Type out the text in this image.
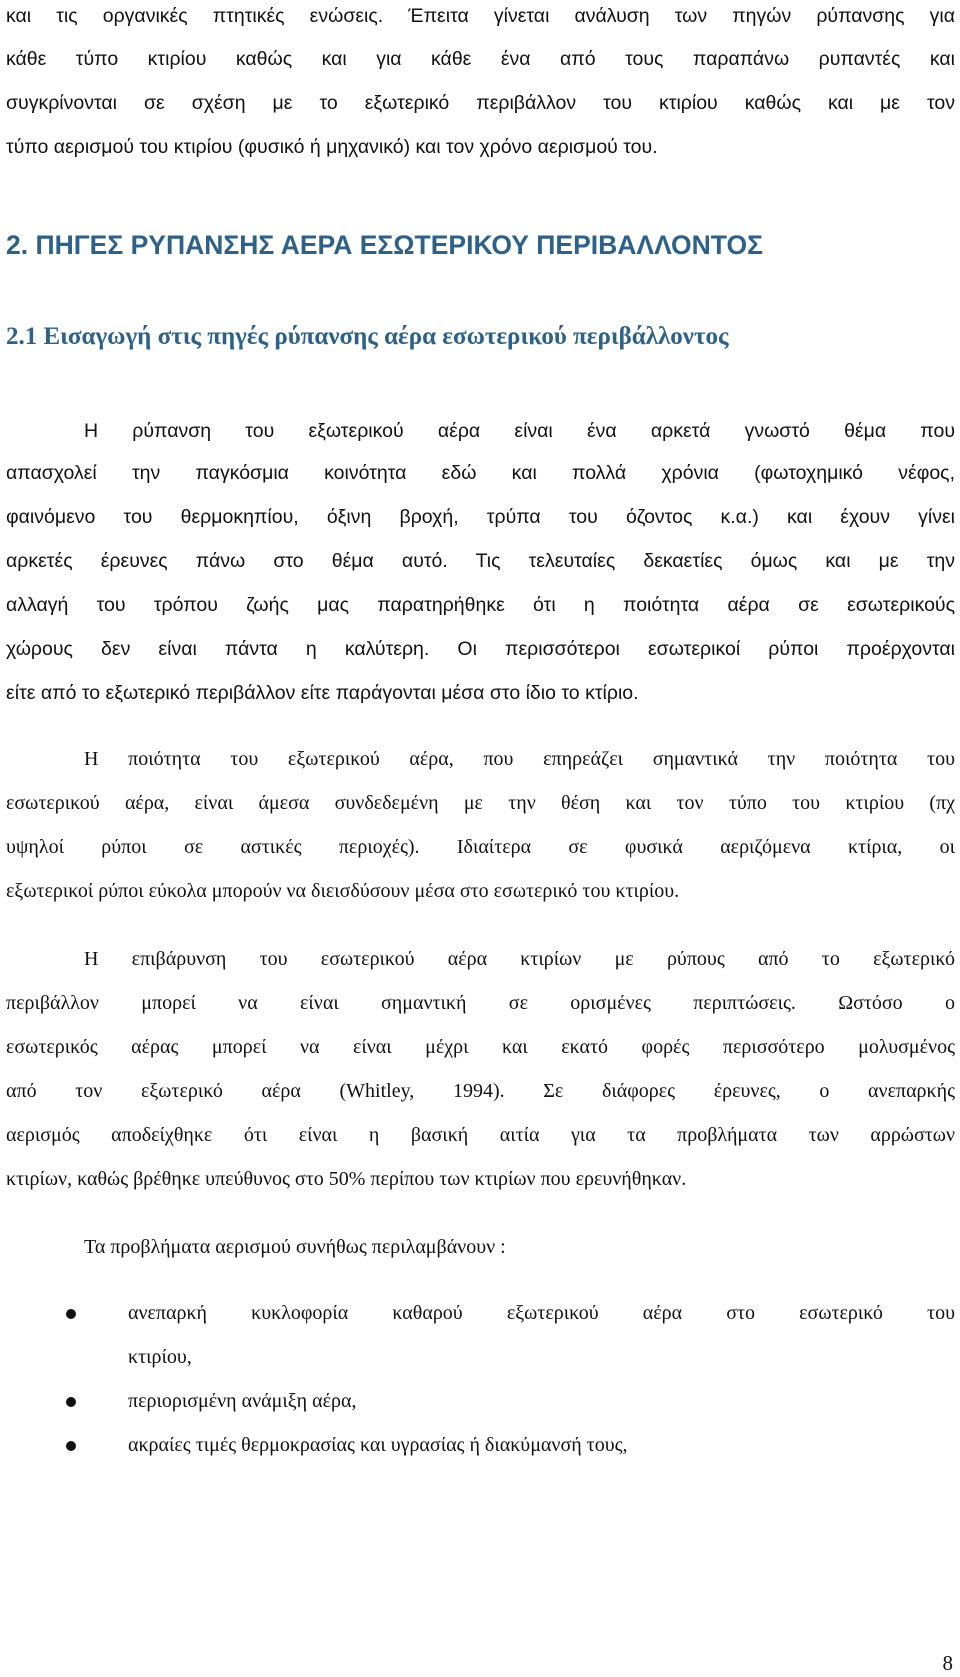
και τις οργανικές πτητικές ενώσεις. Έπειτα γίνεται ανάλυση των πηγών ρύπανσης για
κάθε τύπο κτιρίου καθώς και για κάθε ένα από τους παραπάνω ρυπαντές και
συγκρίνονται σε σχέση με το εξωτερικό περιβάλλον του κτιρίου καθώς και με τον
τύπο αερισμού του κτιρίου (φυσικό ή μηχανικό) και τον χρόνο αερισμού του.
2. ΠΗΓΕΣ ΡΥΠΑΝΣΗΣ ΑΕΡΑ ΕΣΩΤΕΡΙΚΟΥ ΠΕΡΙΒΑΛΛΟΝΤΟΣ
2.1 Εισαγωγή στις πηγές ρύπανσης αέρα εσωτερικού περιβάλλοντος
Η ρύπανση του εξωτερικού αέρα είναι ένα αρκετά γνωστό θέμα που
απασχολεί την παγκόσμια κοινότητα εδώ και πολλά χρόνια (φωτοχημικό νέφος,
φαινόμενο του θερμοκηπίου, όξινη βροχή, τρύπα του όζοντος κ.α.) και έχουν γίνει
αρκετές έρευνες πάνω στο θέμα αυτό. Τις τελευταίες δεκαετίες όμως και με την
αλλαγή του τρόπου ζωής μας παρατηρήθηκε ότι η ποιότητα αέρα σε εσωτερικούς
χώρους δεν είναι πάντα η καλύτερη. Οι περισσότεροι εσωτερικοί ρύποι προέρχονται
είτε από το εξωτερικό περιβάλλον είτε παράγονται μέσα στο ίδιο το κτίριο.
Η ποιότητα του εξωτερικού αέρα, που επηρεάζει σημαντικά την ποιότητα του
εσωτερικού αέρα, είναι άμεσα συνδεδεμένη με την θέση και τον τύπο του κτιρίου (πχ
υψηλοί ρύποι σε αστικές περιοχές). Ιδιαίτερα σε φυσικά αεριζόμενα κτίρια, οι
εξωτερικοί ρύποι εύκολα μπορούν να διεισδύσουν μέσα στο εσωτερικό του κτιρίου.
Η επιβάρυνση του εσωτερικού αέρα κτιρίων με ρύπους από το εξωτερικό
περιβάλλον μπορεί να είναι σημαντική σε ορισμένες περιπτώσεις. Ωστόσο ο
εσωτερικός αέρας μπορεί να είναι μέχρι και εκατό φορές περισσότερο μολυσμένος
από τον εξωτερικό αέρα (Whitley, 1994). Σε διάφορες έρευνες, ο ανεπαρκής
αερισμός αποδείχθηκε ότι είναι η βασική αιτία για τα προβλήματα των αρρώστων
κτιρίων, καθώς βρέθηκε υπεύθυνος στο 50% περίπου των κτιρίων που ερευνήθηκαν.
Τα προβλήματα αερισμού συνήθως περιλαμβάνουν :
ανεπαρκή κυκλοφορία καθαρού εξωτερικού αέρα στο εσωτερικό του
κτιρίου,
περιορισμένη ανάμιξη αέρα,
ακραίες τιμές θερμοκρασίας και υγρασίας ή διακύμανσή τους,
8
